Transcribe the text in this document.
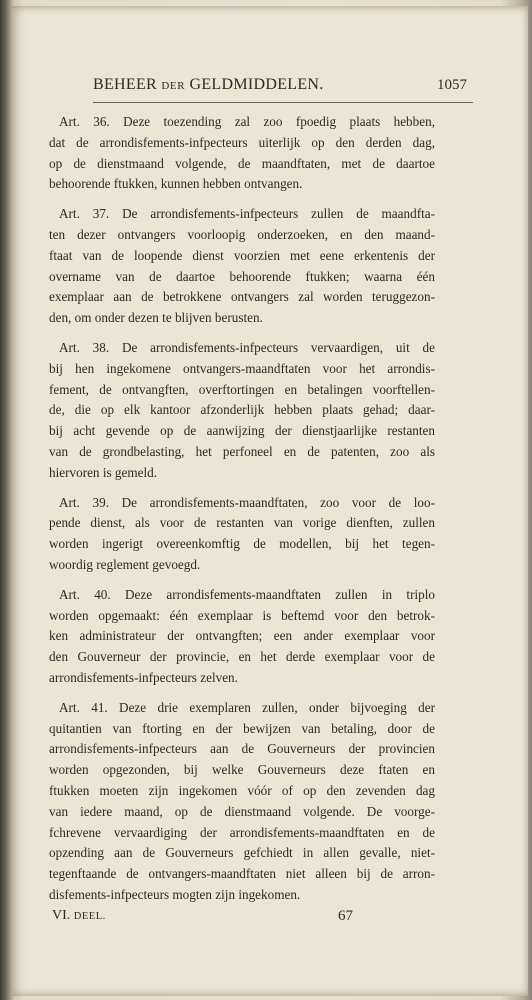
BEHEER DER GELDMIDDELEN.	1057
Art. 36. Deze toezending zal zoo fpoedig plaats hebben,
dat de arrondisfements-infpecteurs uiterlijk op den derden dag,
op de dienstmaand volgende, de maandftaten, met de daartoe
behoorende ftukken, kunnen hebben ontvangen.
Art. 37. De arrondisfements-infpecteurs zullen de maandfta-
ten dezer ontvangers voorloopig onderzoeken, en den maand-
ftaat van de loopende dienst voorzien met eene erkentenis der
overname van de daartoe behoorende ftukken; waarna één
exemplaar aan de betrokkene ontvangers zal worden teruggezon-
den, om onder dezen te blijven berusten.
Art. 38. De arrondisfements-infpecteurs vervaardigen, uit de
bij hen ingekomene ontvangers-maandftaten voor het arrondis-
fement, de ontvangften, overftortingen en betalingen voorftellen-
de, die op elk kantoor afzonderlijk hebben plaats gehad; daar-
bij acht gevende op de aanwijzing der dienstjaarlijke restanten
van de grondbelasting, het perfoneel en de patenten, zoo als
hiervoren is gemeld.
Art. 39. De arrondisfements-maandftaten, zoo voor de loo-
pende dienst, als voor de restanten van vorige dienften, zullen
worden ingerigt overeenkomftig de modellen, bij het tegen-
woordig reglement gevoegd.
Art. 40. Deze arrondisfements-maandftaten zullen in triplo
worden opgemaakt: één exemplaar is beftemd voor den betrok-
ken administrateur der ontvangften; een ander exemplaar voor
den Gouverneur der provincie, en het derde exemplaar voor de
arrondisfements-infpecteurs zelven.
Art. 41. Deze drie exemplaren zullen, onder bijvoeging der
quitantien van ftorting en der bewijzen van betaling, door de
arrondisfements-infpecteurs aan de Gouverneurs der provincien
worden opgezonden, bij welke Gouverneurs deze ftaten en
ftukken moeten zijn ingekomen vóór of op den zevenden dag
van iedere maand, op de dienstmaand volgende. De voorge-
fchrevene vervaardiging der arrondisfements-maandftaten en de
opzending aan de Gouverneurs gefchiedt in allen gevalle, niet-
tegenftaande de ontvangers-maandftaten niet alleen bij de arron-
disfements-infpecteurs mogten zijn ingekomen.
VI. DEEL.	67
